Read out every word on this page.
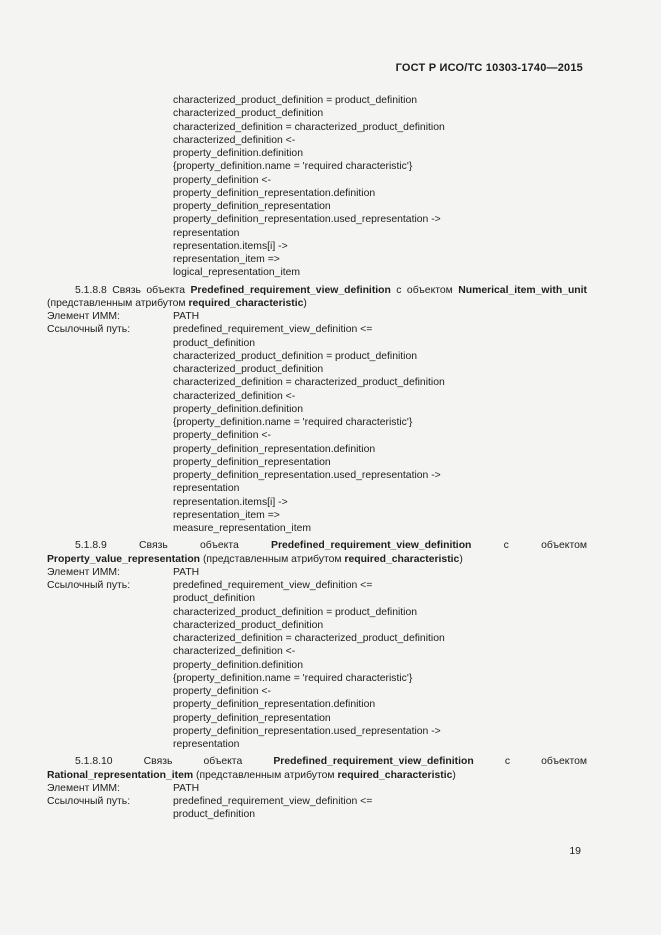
ГОСТ Р ИСО/ТС 10303-1740—2015
characterized_product_definition = product_definition
characterized_product_definition
characterized_definition = characterized_product_definition
characterized_definition <-
property_definition.definition
{property_definition.name = 'required characteristic'}
property_definition <-
property_definition_representation.definition
property_definition_representation
property_definition_representation.used_representation ->
representation
representation.items[i] ->
representation_item =>
logical_representation_item
5.1.8.8 Связь объекта Predefined_requirement_view_definition с объектом Numerical_item_with_unit (представленным атрибутом required_characteristic)
Элемент ИММ:	PATH
Ссылочный путь:	predefined_requirement_view_definition <=
product_definition
characterized_product_definition = product_definition
characterized_product_definition
characterized_definition = characterized_product_definition
characterized_definition <-
property_definition.definition
{property_definition.name = 'required characteristic'}
property_definition <-
property_definition_representation.definition
property_definition_representation
property_definition_representation.used_representation ->
representation
representation.items[i] ->
representation_item =>
measure_representation_item
5.1.8.9	Связь объекта	Predefined_requirement_view_definition	с объектом Property_value_representation (представленным атрибутом required_characteristic)
Элемент ИММ:	PATH
Ссылочный путь:	predefined_requirement_view_definition <=
product_definition
characterized_product_definition = product_definition
characterized_product_definition
characterized_definition = characterized_product_definition
characterized_definition <-
property_definition.definition
{property_definition.name = 'required characteristic'}
property_definition <-
property_definition_representation.definition
property_definition_representation
property_definition_representation.used_representation ->
representation
5.1.8.10	Связь объекта	Predefined_requirement_view_definition	с объектом Rational_representation_item (представленным атрибутом required_characteristic)
Элемент ИММ:	PATH
Ссылочный путь:	predefined_requirement_view_definition <=
product_definition
19
